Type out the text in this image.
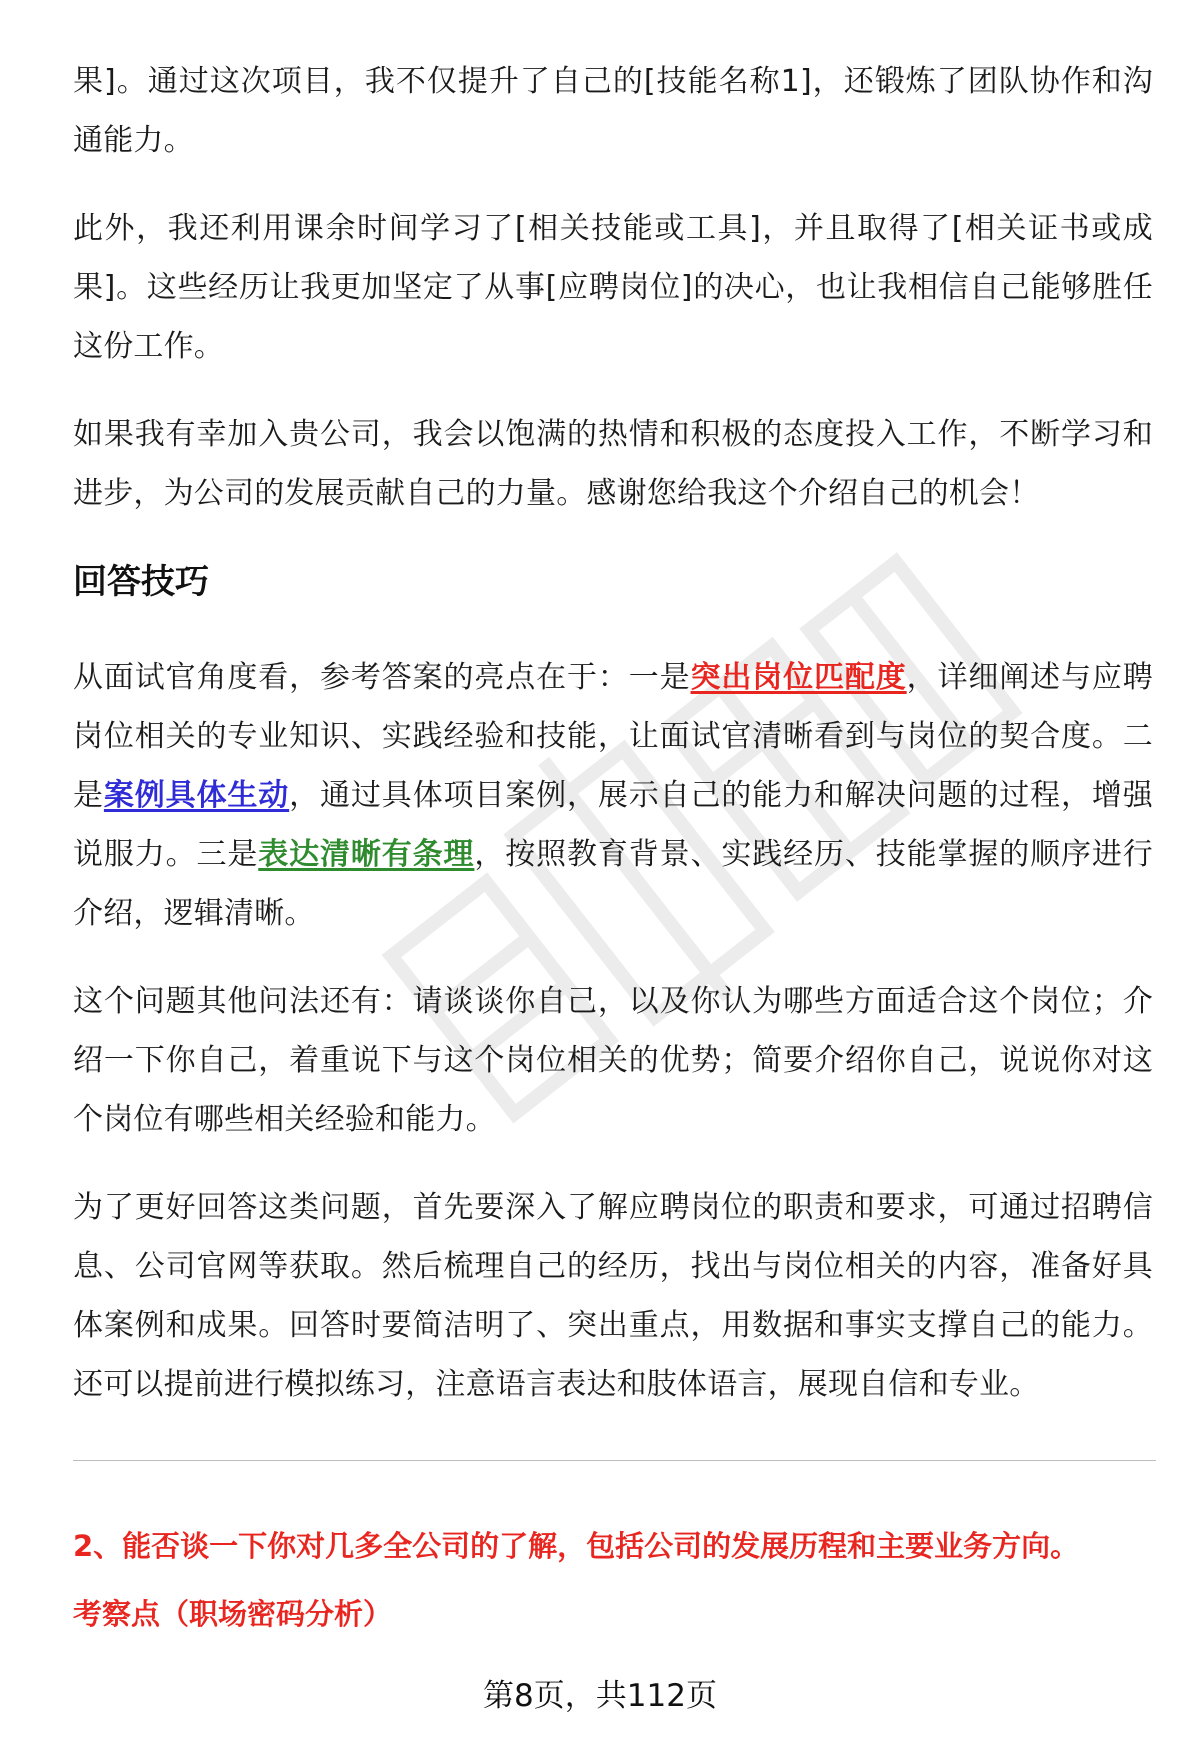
果]。通过这次项目，我不仅提升了自己的[技能名称1]，还锻炼了团队协作和沟通能力。

此外，我还利用课余时间学习了[相关技能或工具]，并且取得了[相关证书或成果]。这些经历让我更加坚定了从事[应聘岗位]的决心，也让我相信自己能够胜任这份工作。

如果我有幸加入贵公司，我会以饱满的热情和积极的态度投入工作，不断学习和进步，为公司的发展贡献自己的力量。感谢您给我这个介绍自己的机会！

回答技巧

从面试官角度看，参考答案的亮点在于：一是突出岗位匹配度，详细阐述与应聘岗位相关的专业知识、实践经验和技能，让面试官清晰看到与岗位的契合度。二是案例具体生动，通过具体项目案例，展示自己的能力和解决问题的过程，增强说服力。三是表达清晰有条理，按照教育背景、实践经历、技能掌握的顺序进行介绍，逻辑清晰。

这个问题其他问法还有：请谈谈你自己，以及你认为哪些方面适合这个岗位；介绍一下你自己，着重说下与这个岗位相关的优势；简要介绍你自己，说说你对这个岗位有哪些相关经验和能力。

为了更好回答这类问题，首先要深入了解应聘岗位的职责和要求，可通过招聘信息、公司官网等获取。然后梳理自己的经历，找出与岗位相关的内容，准备好具体案例和成果。回答时要简洁明了、突出重点，用数据和事实支撑自己的能力。还可以提前进行模拟练习，注意语言表达和肢体语言，展现自信和专业。

2、能否谈一下你对几多全公司的了解，包括公司的发展历程和主要业务方向。
考察点（职场密码分析）
第8页，共112页
